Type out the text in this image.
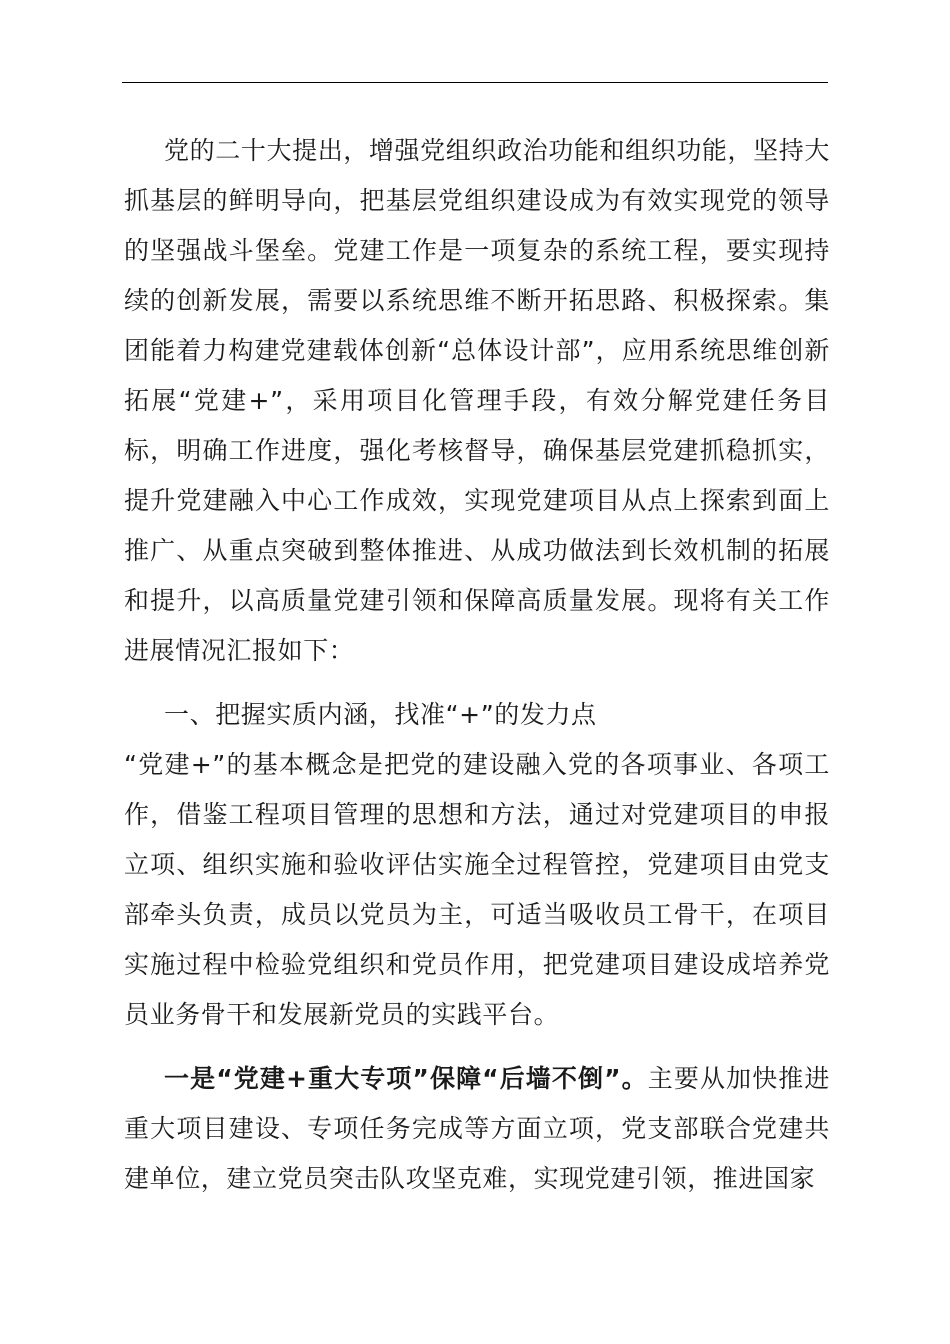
党的二十大提出，增强党组织政治功能和组织功能，坚持大抓基层的鲜明导向，把基层党组织建设成为有效实现党的领导的坚强战斗堡垒。党建工作是一项复杂的系统工程，要实现持续的创新发展，需要以系统思维不断开拓思路、积极探索。集团能着力构建党建载体创新“总体设计部”，应用系统思维创新拓展“党建+”，采用项目化管理手段，有效分解党建任务目标，明确工作进度，强化考核督导，确保基层党建抓稳抓实，提升党建融入中心工作成效，实现党建项目从点上探索到面上推广、从重点突破到整体推进、从成功做法到长效机制的拓展和提升，以高质量党建引领和保障高质量发展。现将有关工作进展情况汇报如下：

一、把握实质内涵，找准“+”的发力点

“党建+”的基本概念是把党的建设融入党的各项事业、各项工作，借鉴工程项目管理的思想和方法，通过对党建项目的申报立项、组织实施和验收评估实施全过程管控，党建项目由党支部牵头负责，成员以党员为主，可适当吸收员工骨干，在项目实施过程中检验党组织和党员作用，把党建项目建设成培养党员业务骨干和发展新党员的实践平台。

一是“党建+重大专项”保障“后墙不倒”。主要从加快推进重大项目建设、专项任务完成等方面立项，党支部联合党建共建单位，建立党员突击队攻坚克难，实现党建引领，推进国家
